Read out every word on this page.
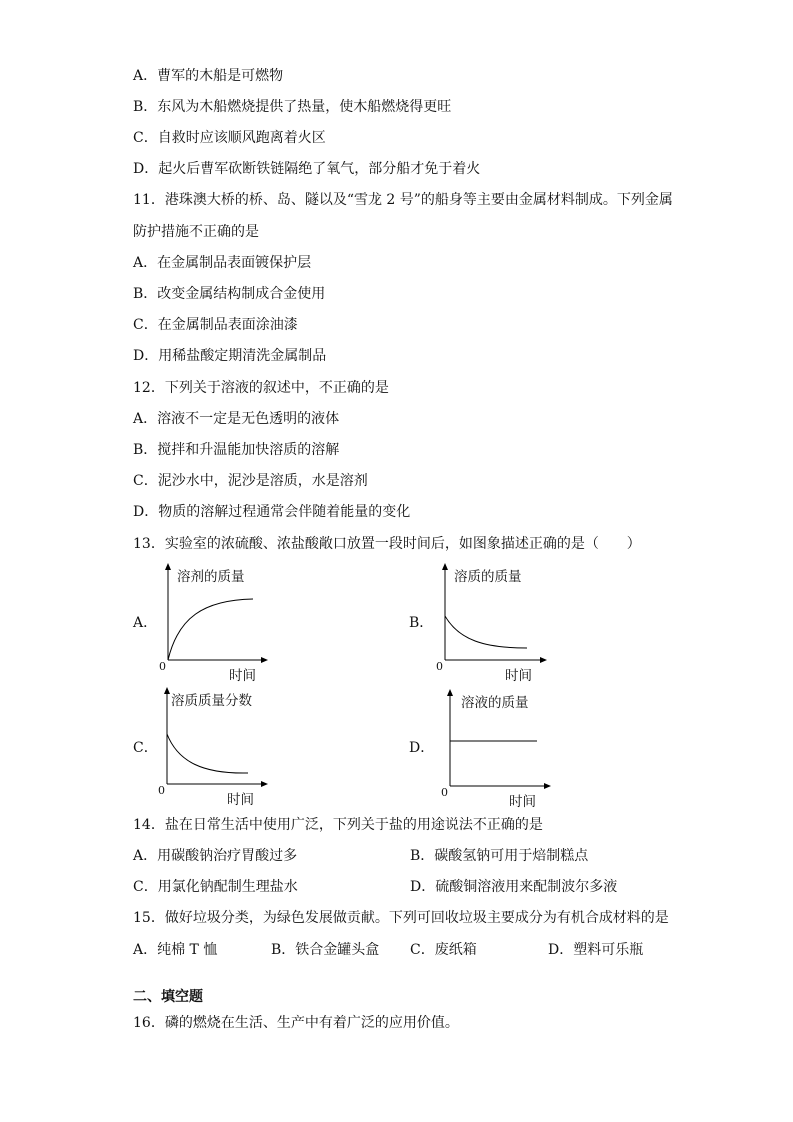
A．曹军的木船是可燃物
B．东风为木船燃烧提供了热量，使木船燃烧得更旺
C．自救时应该顺风跑离着火区
D．起火后曹军砍断铁链隔绝了氧气，部分船才免于着火
11．港珠澳大桥的桥、岛、隧以及“雪龙 2 号”的船身等主要由金属材料制成。下列金属
防护措施不正确的是
A．在金属制品表面镀保护层
B．改变金属结构制成合金使用
C．在金属制品表面涂油漆
D．用稀盐酸定期清洗金属制品
12．下列关于溶液的叙述中，不正确的是
A．溶液不一定是无色透明的液体
B．搅拌和升温能加快溶质的溶解
C．泥沙水中，泥沙是溶质，水是溶剂
D．物质的溶解过程通常会伴随着能量的变化
13．实验室的浓硫酸、浓盐酸敞口放置一段时间后，如图象描述正确的是（　　）
A．
溶剂的质量
时间
0
B．
溶质的质量
时间
0
C．
溶质质量分数
时间
0
D．
溶液的质量
时间
0
14．盐在日常生活中使用广泛，下列关于盐的用途说法不正确的是
A．用碳酸钠治疗胃酸过多	B．碳酸氢钠可用于焙制糕点
C．用氯化钠配制生理盐水	D．硫酸铜溶液用来配制波尔多液
15．做好垃圾分类，为绿色发展做贡献。下列可回收垃圾主要成分为有机合成材料的是
A．纯棉 T 恤	B．铁合金罐头盒 C．废纸箱	D．塑料可乐瓶
二、填空题
16．磷的燃烧在生活、生产中有着广泛的应用价值。
